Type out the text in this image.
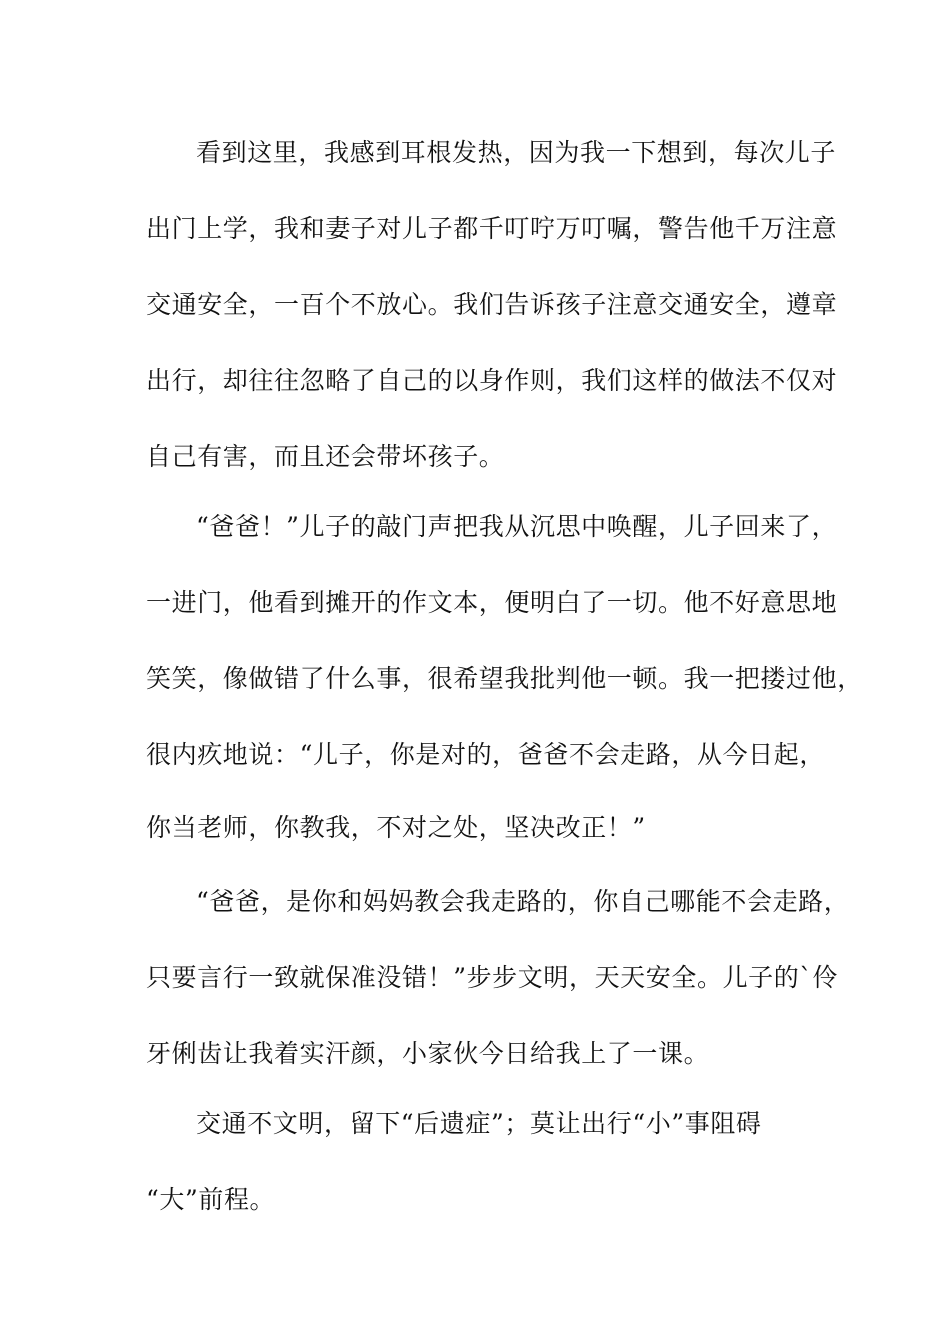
看到这里，我感到耳根发热，因为我一下想到，每次儿子
出门上学，我和妻子对儿子都千叮咛万叮嘱，警告他千万注意
交通安全，一百个不放心。我们告诉孩子注意交通安全，遵章
出行，却往往忽略了自己的以身作则，我们这样的做法不仅对
自己有害，而且还会带坏孩子。
“爸爸！”儿子的敲门声把我从沉思中唤醒，儿子回来了，
一进门，他看到摊开的作文本，便明白了一切。他不好意思地
笑笑，像做错了什么事，很希望我批判他一顿。我一把搂过他，
很内疚地说：“儿子，你是对的，爸爸不会走路，从今日起，
你当老师，你教我，不对之处，坚决改正！”
“爸爸，是你和妈妈教会我走路的，你自己哪能不会走路，
只要言行一致就保准没错！”步步文明，天天安全。儿子的`伶
牙俐齿让我着实汗颜，小家伙今日给我上了一课。
交通不文明，留下“后遗症”；莫让出行“小”事阻碍
“大”前程。
